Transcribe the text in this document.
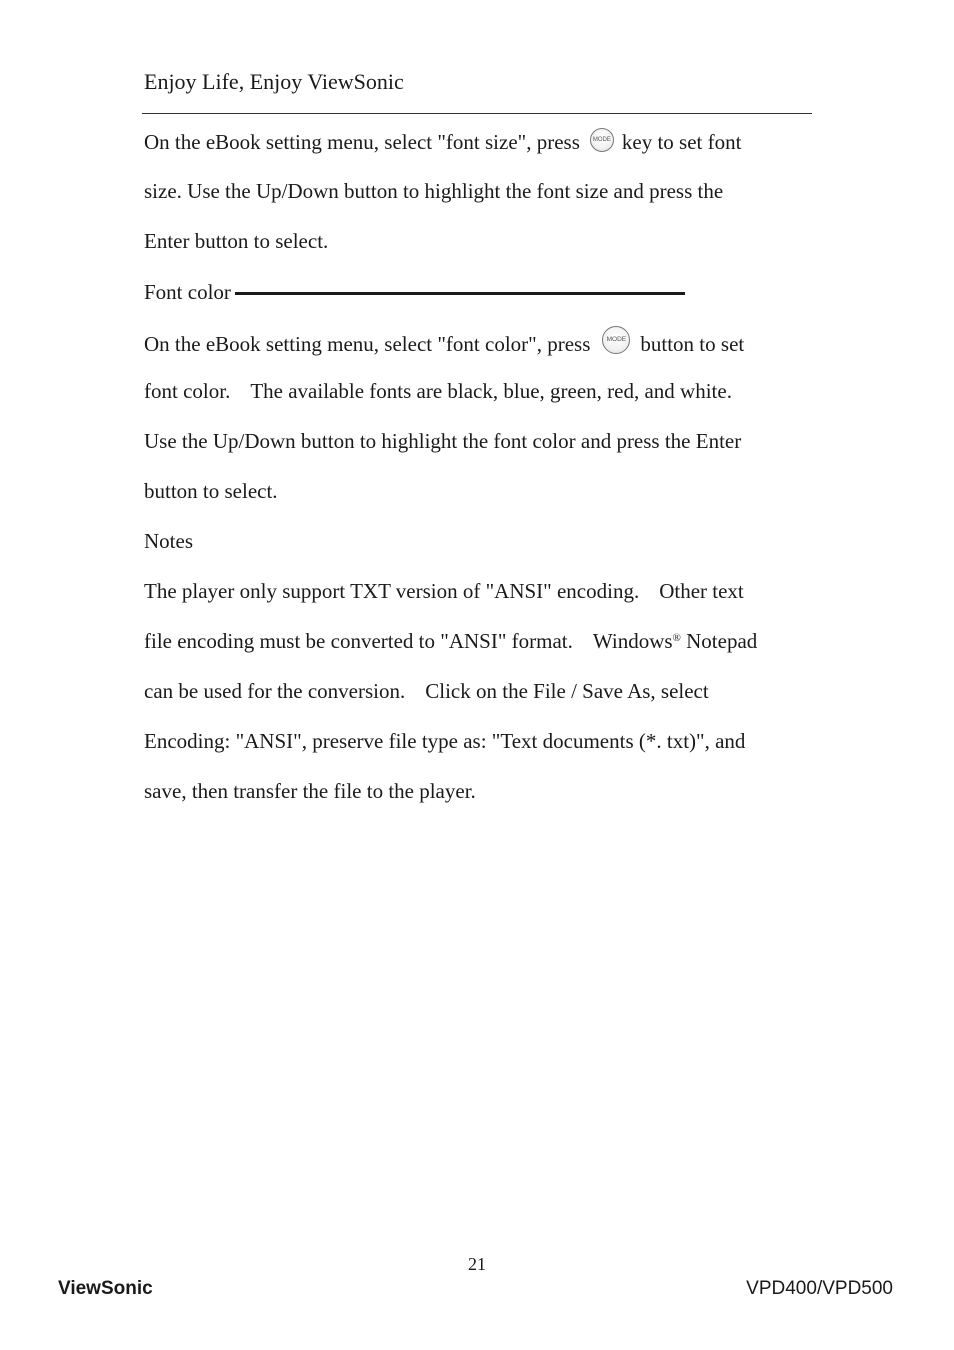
Enjoy Life, Enjoy ViewSonic
On the eBook setting menu, select "font size", press MODE key to set font
size. Use the Up/Down button to highlight the font size and press the
Enter button to select.
Font color
On the eBook setting menu, select "font color", press	MODE button to set
font color. The available fonts are black, blue, green, red, and white.
Use the Up/Down button to highlight the font color and press the Enter
button to select.
Notes
The player only support TXT version of "ANSI" encoding. Other text
file encoding must be converted to "ANSI" format. Windows® Notepad
can be used for the conversion. Click on the File / Save As, select
Encoding: "ANSI", preserve file type as: "Text documents (*. txt)", and
save, then transfer the file to the player.
21
ViewSonic	VPD400/VPD500
